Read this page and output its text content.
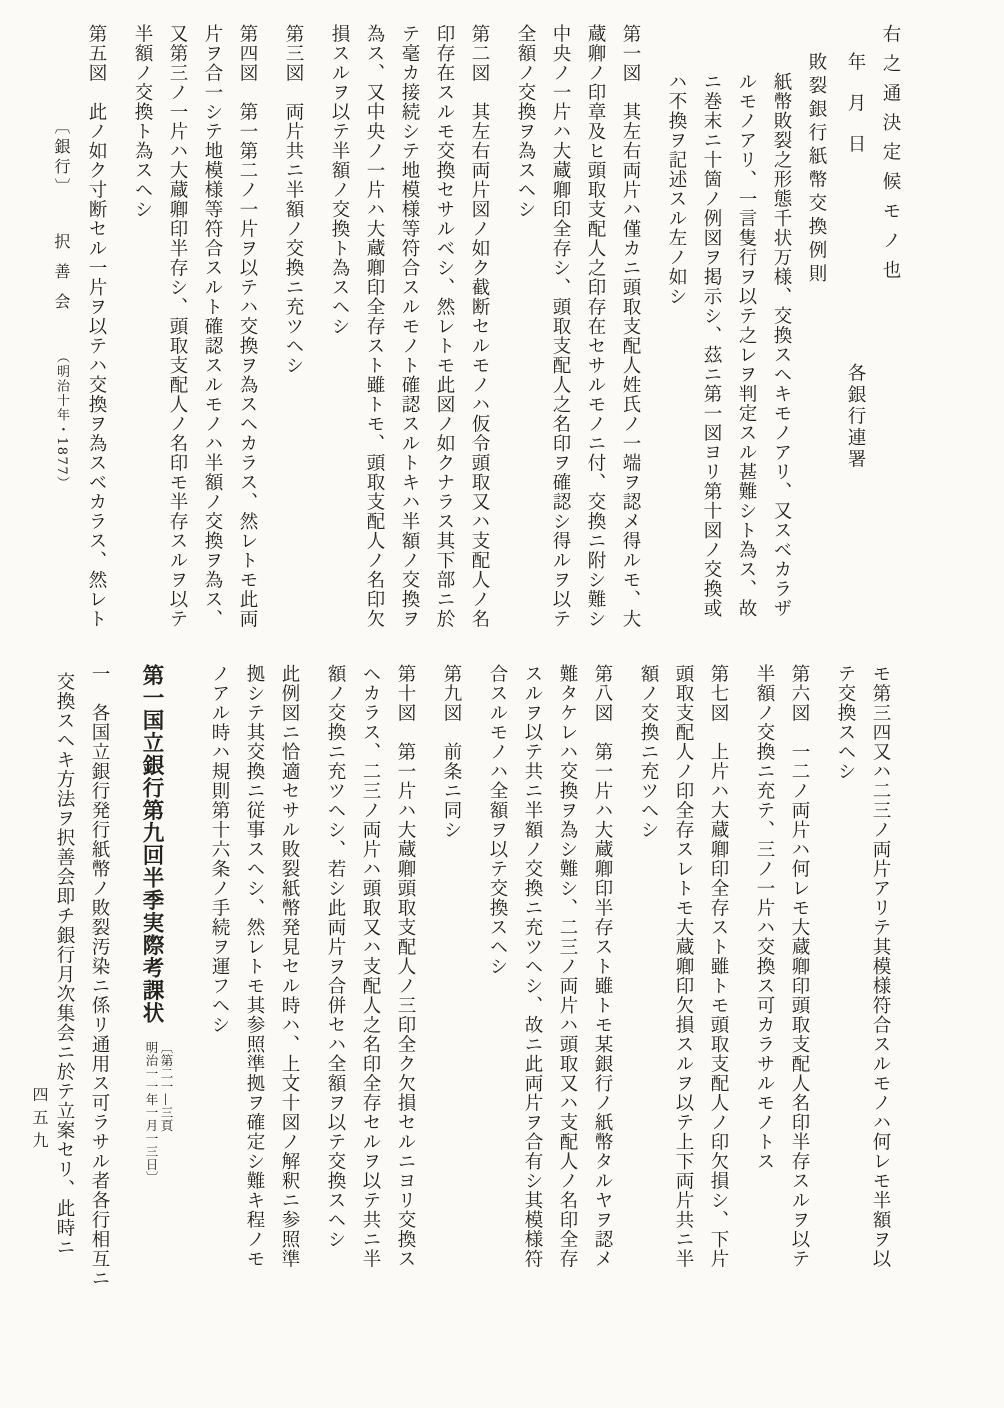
右之通決定候モノ也
年　月　日 各銀行連署
敗裂銀行紙幣交換例則
紙幣敗裂之形態千状万様、交換スヘキモノアリ、又スベカラザ
ルモノアリ、一言隻行ヲ以テ之レヲ判定スル甚難シト為ス、故
ニ巻末ニ十箇ノ例図ヲ掲示シ、茲ニ第一図ヨリ第十図ノ交換或
ハ不換ヲ記述スル左ノ如シ
第一図　其左右両片ハ僅カニ頭取支配人姓氏ノ一端ヲ認メ得ルモ、大
蔵卿ノ印章及ヒ頭取支配人之印存在セサルモノニ付、交換ニ附シ難シ
中央ノ一片ハ大蔵卿印全存シ、頭取支配人之名印ヲ確認シ得ルヲ以テ
全額ノ交換ヲ為スヘシ
第二図　其左右両片図ノ如ク截断セルモノハ仮令頭取又ハ支配人ノ名
印存在スルモ交換セサルベシ、然レトモ此図ノ如クナラス其下部ニ於
テ毫カ接続シテ地模様等符合スルモノト確認スルトキハ半額ノ交換ヲ
為ス、又中央ノ一片ハ大蔵卿印全存スト雖トモ、頭取支配人ノ名印欠
損スルヲ以テ半額ノ交換ト為スヘシ
第三図　両片共ニ半額ノ交換ニ充ツヘシ
第四図　第一第二ノ一片ヲ以テハ交換ヲ為スヘカラス、然レトモ此両
片ヲ合一シテ地模様等符合スルト確認スルモノハ半額ノ交換ヲ為ス、
又第三ノ一片ハ大蔵卿印半存シ、頭取支配人ノ名印モ半存スルヲ以テ
半額ノ交換ト為スヘシ
第五図　此ノ如ク寸断セル一片ヲ以テハ交換ヲ為スベカラス、然レト
モ第三四又ハ二三ノ両片アリテ其模様符合スルモノハ何レモ半額ヲ以
テ交換スヘシ
第六図　一二ノ両片ハ何レモ大蔵卿印頭取支配人名印半存スルヲ以テ
半額ノ交換ニ充テ、三ノ一片ハ交換ス可カラサルモノトス
第七図　上片ハ大蔵卿印全存スト雖トモ頭取支配人ノ印欠損シ、下片
頭取支配人ノ印全存スレトモ大蔵卿印欠損スルヲ以テ上下両片共ニ半
額ノ交換ニ充ツヘシ
第八図　第一片ハ大蔵卿印半存スト雖トモ某銀行ノ紙幣タルヤヲ認メ
難タケレハ交換ヲ為シ難シ、二三ノ両片ハ頭取又ハ支配人ノ名印全存
スルヲ以テ共ニ半額ノ交換ニ充ツヘシ、故ニ此両片ヲ合有シ其模様符
合スルモノハ全額ヲ以テ交換スヘシ
第九図　前条ニ同シ
第十図　第一片ハ大蔵卿頭取支配人ノ三印全ク欠損セルニヨリ交換ス
ヘカラス、二三ノ両片ハ頭取又ハ支配人之名印全存セルヲ以テ共ニ半
額ノ交換ニ充ツヘシ、若シ此両片ヲ合併セハ全額ヲ以テ交換スヘシ
此例図ニ恰適セサル敗裂紙幣発見セル時ハ、上文十図ノ解釈ニ参照準
拠シテ其交換ニ従事スヘシ、然レトモ其参照準拠ヲ確定シ難キ程ノモ
ノアル時ハ規則第十六条ノ手続ヲ運フヘシ
第一国立銀行第九回半季実際考課状
〔第二一—三頁
明治一一年一月一三日〕
一　各国立銀行発行紙幣ノ敗裂汚染ニ係リ通用ス可ラサル者各行相互ニ
交換スヘキ方法ヲ択善会即チ銀行月次集会ニ於テ立案セリ、此時ニ
〔銀行〕 択善会 （明治十年・1877）
四五九
